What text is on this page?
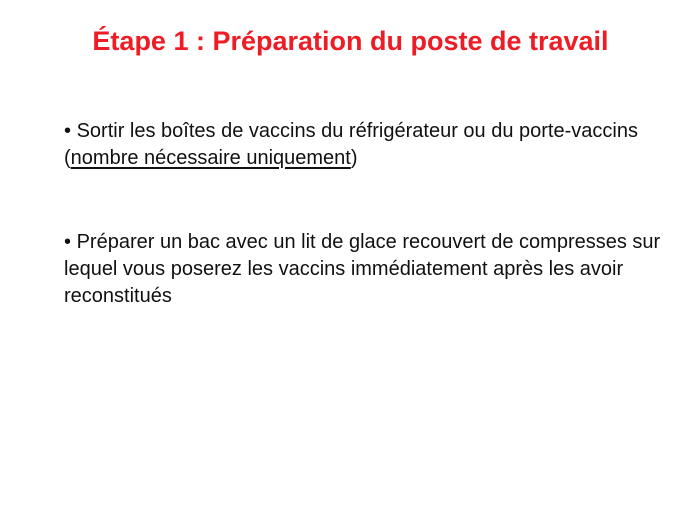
Étape 1 : Préparation du poste de travail

• Sortir les boîtes de vaccins du réfrigérateur ou du porte-vaccins (nombre nécessaire uniquement)

• Préparer un bac avec un lit de glace recouvert de compresses sur lequel vous poserez les vaccins immédiatement après les avoir reconstitués
